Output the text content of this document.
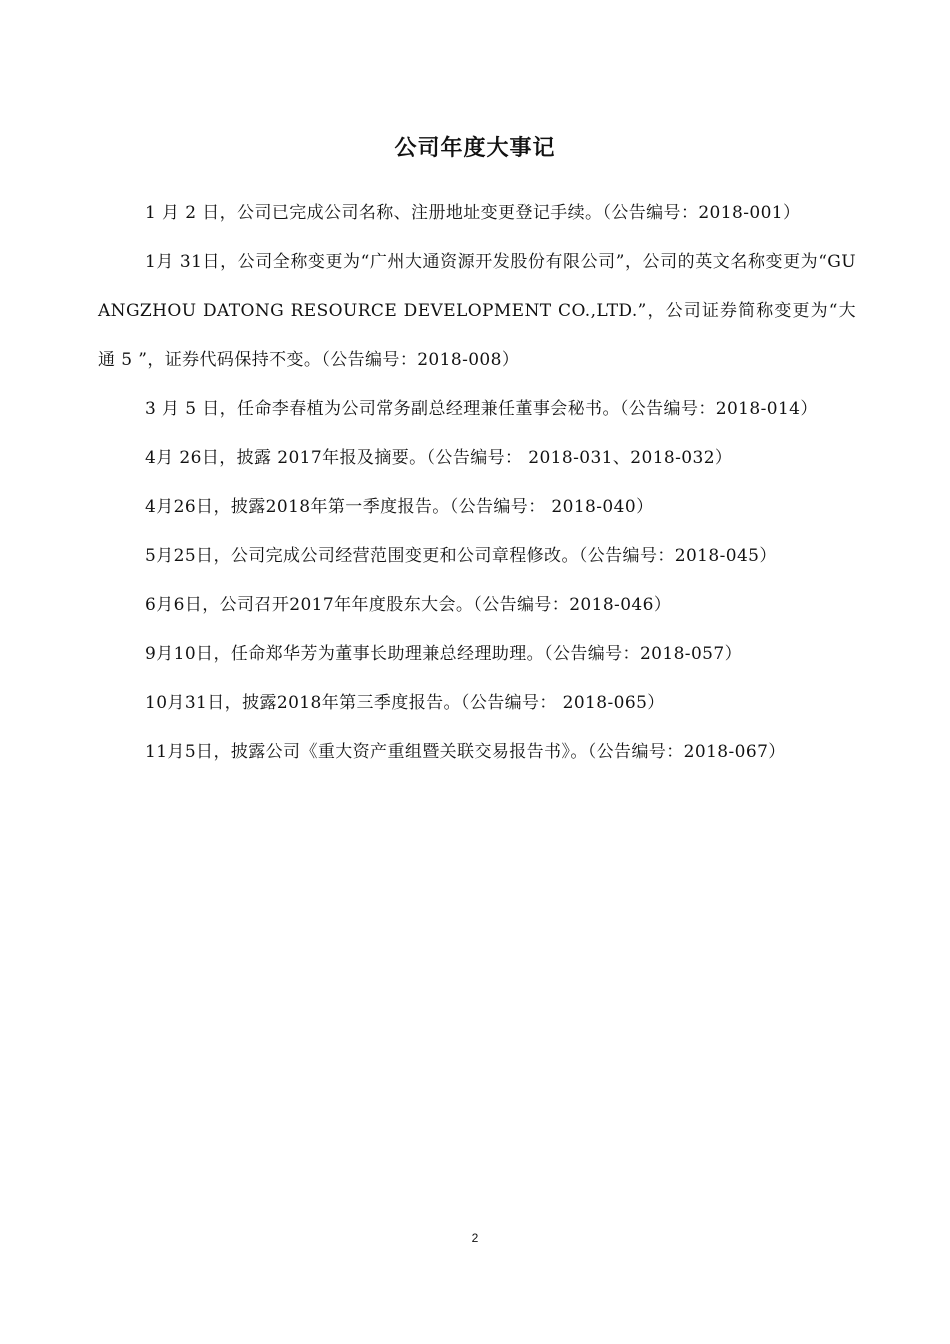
公司年度大事记

1 月 2 日，公司已完成公司名称、注册地址变更登记手续。（公告编号：2018-001）

1月 31日，公司全称变更为“广州大通资源开发股份有限公司”，公司的英文名称变更为“GUANGZHOU DATONG RESOURCE DEVELOPMENT CO.,LTD.”，公司证券简称变更为“大通 5 ”，证券代码保持不变。（公告编号：2018-008）

3 月 5 日，任命李春植为公司常务副总经理兼任董事会秘书。（公告编号：2018-014）

4月 26日，披露 2017年报及摘要。（公告编号： 2018-031、2018-032）

4月26日，披露2018年第一季度报告。（公告编号： 2018-040）

5月25日，公司完成公司经营范围变更和公司章程修改。（公告编号：2018-045）

6月6日，公司召开2017年年度股东大会。（公告编号：2018-046）

9月10日，任命郑华芳为董事长助理兼总经理助理。（公告编号：2018-057）

10月31日，披露2018年第三季度报告。（公告编号： 2018-065）

11月5日，披露公司《重大资产重组暨关联交易报告书》。（公告编号：2018-067）

2
